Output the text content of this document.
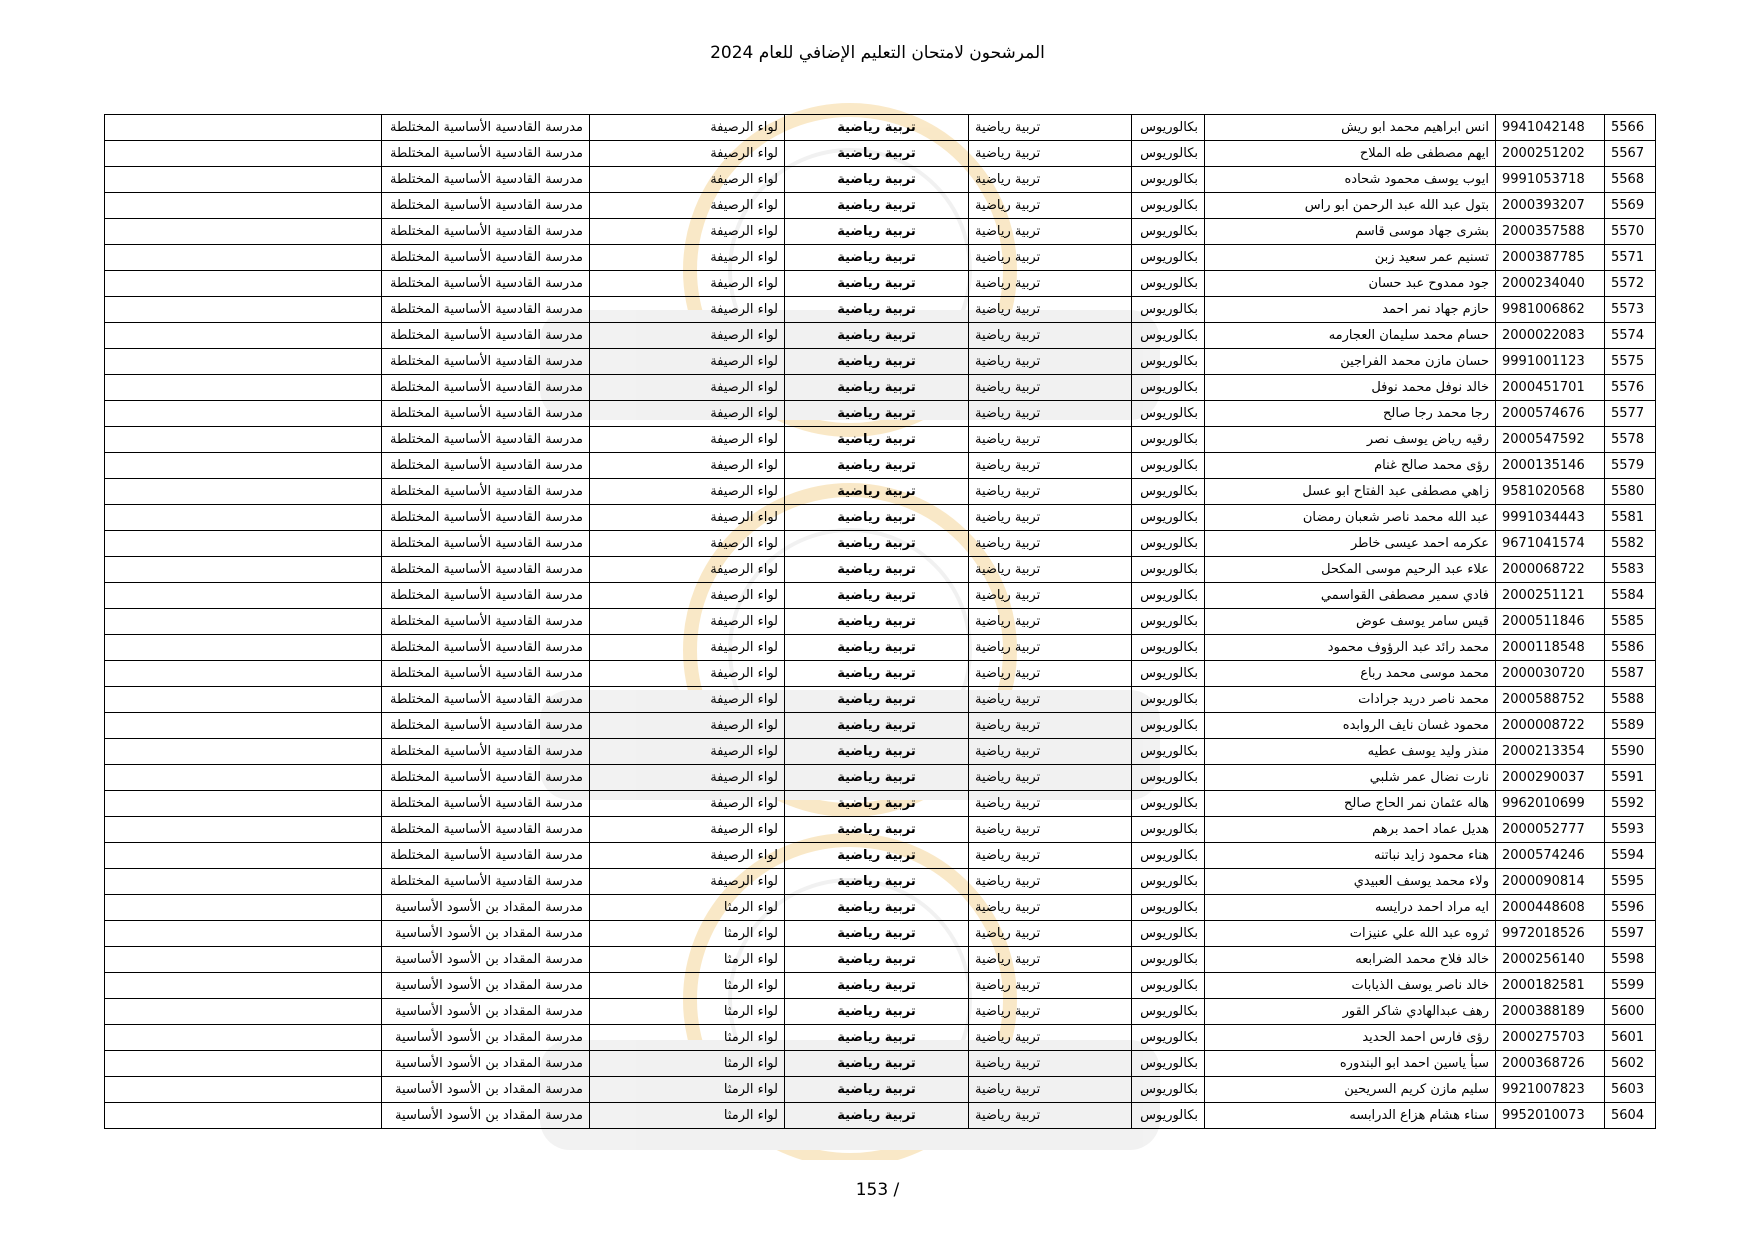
المرشحون لامتحان التعليم الإضافي للعام 2024
5566	9941042148	انس ابراهيم محمد ابو ريش	بكالوريوس	تربية رياضية	تربية رياضية	لواء الرصيفة	مدرسة القادسية الأساسية المختلطة	
5567	2000251202	ايهم مصطفى طه الملاح	بكالوريوس	تربية رياضية	تربية رياضية	لواء الرصيفة	مدرسة القادسية الأساسية المختلطة	
5568	9991053718	ايوب يوسف محمود شحاده	بكالوريوس	تربية رياضية	تربية رياضية	لواء الرصيفة	مدرسة القادسية الأساسية المختلطة	
5569	2000393207	بتول عبد الله عبد الرحمن ابو راس	بكالوريوس	تربية رياضية	تربية رياضية	لواء الرصيفة	مدرسة القادسية الأساسية المختلطة	
5570	2000357588	بشرى جهاد موسى قاسم	بكالوريوس	تربية رياضية	تربية رياضية	لواء الرصيفة	مدرسة القادسية الأساسية المختلطة	
5571	2000387785	تسنيم عمر سعيد زبن	بكالوريوس	تربية رياضية	تربية رياضية	لواء الرصيفة	مدرسة القادسية الأساسية المختلطة	
5572	2000234040	جود ممدوح عبد حسان	بكالوريوس	تربية رياضية	تربية رياضية	لواء الرصيفة	مدرسة القادسية الأساسية المختلطة	
5573	9981006862	حازم جهاد نمر احمد	بكالوريوس	تربية رياضية	تربية رياضية	لواء الرصيفة	مدرسة القادسية الأساسية المختلطة	
5574	2000022083	حسام محمد سليمان العجارمه	بكالوريوس	تربية رياضية	تربية رياضية	لواء الرصيفة	مدرسة القادسية الأساسية المختلطة	
5575	9991001123	حسان مازن محمد الفراجين	بكالوريوس	تربية رياضية	تربية رياضية	لواء الرصيفة	مدرسة القادسية الأساسية المختلطة	
5576	2000451701	خالد نوفل محمد نوفل	بكالوريوس	تربية رياضية	تربية رياضية	لواء الرصيفة	مدرسة القادسية الأساسية المختلطة	
5577	2000574676	رجا محمد رجا صالح	بكالوريوس	تربية رياضية	تربية رياضية	لواء الرصيفة	مدرسة القادسية الأساسية المختلطة	
5578	2000547592	رقيه رياض يوسف نصر	بكالوريوس	تربية رياضية	تربية رياضية	لواء الرصيفة	مدرسة القادسية الأساسية المختلطة	
5579	2000135146	رؤى محمد صالح غنام	بكالوريوس	تربية رياضية	تربية رياضية	لواء الرصيفة	مدرسة القادسية الأساسية المختلطة	
5580	9581020568	زاهي مصطفى عبد الفتاح ابو عسل	بكالوريوس	تربية رياضية	تربية رياضية	لواء الرصيفة	مدرسة القادسية الأساسية المختلطة	
5581	9991034443	عبد الله محمد ناصر شعبان رمضان	بكالوريوس	تربية رياضية	تربية رياضية	لواء الرصيفة	مدرسة القادسية الأساسية المختلطة	
5582	9671041574	عكرمه احمد عيسى خاطر	بكالوريوس	تربية رياضية	تربية رياضية	لواء الرصيفة	مدرسة القادسية الأساسية المختلطة	
5583	2000068722	علاء عبد الرحيم موسى المكحل	بكالوريوس	تربية رياضية	تربية رياضية	لواء الرصيفة	مدرسة القادسية الأساسية المختلطة	
5584	2000251121	فادي سمير مصطفى القواسمي	بكالوريوس	تربية رياضية	تربية رياضية	لواء الرصيفة	مدرسة القادسية الأساسية المختلطة	
5585	2000511846	قيس سامر يوسف عوض	بكالوريوس	تربية رياضية	تربية رياضية	لواء الرصيفة	مدرسة القادسية الأساسية المختلطة	
5586	2000118548	محمد رائد عبد الرؤوف محمود	بكالوريوس	تربية رياضية	تربية رياضية	لواء الرصيفة	مدرسة القادسية الأساسية المختلطة	
5587	2000030720	محمد موسى محمد رباع	بكالوريوس	تربية رياضية	تربية رياضية	لواء الرصيفة	مدرسة القادسية الأساسية المختلطة	
5588	2000588752	محمد ناصر دريد جرادات	بكالوريوس	تربية رياضية	تربية رياضية	لواء الرصيفة	مدرسة القادسية الأساسية المختلطة	
5589	2000008722	محمود غسان نايف الروابده	بكالوريوس	تربية رياضية	تربية رياضية	لواء الرصيفة	مدرسة القادسية الأساسية المختلطة	
5590	2000213354	منذر وليد يوسف عطيه	بكالوريوس	تربية رياضية	تربية رياضية	لواء الرصيفة	مدرسة القادسية الأساسية المختلطة	
5591	2000290037	نارت نضال عمر شلبي	بكالوريوس	تربية رياضية	تربية رياضية	لواء الرصيفة	مدرسة القادسية الأساسية المختلطة	
5592	9962010699	هاله عثمان نمر الحاج صالح	بكالوريوس	تربية رياضية	تربية رياضية	لواء الرصيفة	مدرسة القادسية الأساسية المختلطة	
5593	2000052777	هديل عماد احمد برهم	بكالوريوس	تربية رياضية	تربية رياضية	لواء الرصيفة	مدرسة القادسية الأساسية المختلطة	
5594	2000574246	هناء محمود زايد نباتنه	بكالوريوس	تربية رياضية	تربية رياضية	لواء الرصيفة	مدرسة القادسية الأساسية المختلطة	
5595	2000090814	ولاء محمد يوسف العبيدي	بكالوريوس	تربية رياضية	تربية رياضية	لواء الرصيفة	مدرسة القادسية الأساسية المختلطة	
5596	2000448608	ايه مراد احمد درايسه	بكالوريوس	تربية رياضية	تربية رياضية	لواء الرمثا	مدرسة المقداد بن الأسود الأساسية	
5597	9972018526	ثروه عبد الله علي عنيزات	بكالوريوس	تربية رياضية	تربية رياضية	لواء الرمثا	مدرسة المقداد بن الأسود الأساسية	
5598	2000256140	خالد فلاح محمد الضرابعه	بكالوريوس	تربية رياضية	تربية رياضية	لواء الرمثا	مدرسة المقداد بن الأسود الأساسية	
5599	2000182581	خالد ناصر يوسف الذيابات	بكالوريوس	تربية رياضية	تربية رياضية	لواء الرمثا	مدرسة المقداد بن الأسود الأساسية	
5600	2000388189	رهف عبدالهادي شاكر القور	بكالوريوس	تربية رياضية	تربية رياضية	لواء الرمثا	مدرسة المقداد بن الأسود الأساسية	
5601	2000275703	رؤى فارس احمد الحديد	بكالوريوس	تربية رياضية	تربية رياضية	لواء الرمثا	مدرسة المقداد بن الأسود الأساسية	
5602	2000368726	سبأ ياسين احمد ابو البندوره	بكالوريوس	تربية رياضية	تربية رياضية	لواء الرمثا	مدرسة المقداد بن الأسود الأساسية	
5603	9921007823	سليم مازن كريم السريحين	بكالوريوس	تربية رياضية	تربية رياضية	لواء الرمثا	مدرسة المقداد بن الأسود الأساسية	
5604	9952010073	سناء هشام هزاع الدرابسه	بكالوريوس	تربية رياضية	تربية رياضية	لواء الرمثا	مدرسة المقداد بن الأسود الأساسية	
153 /
